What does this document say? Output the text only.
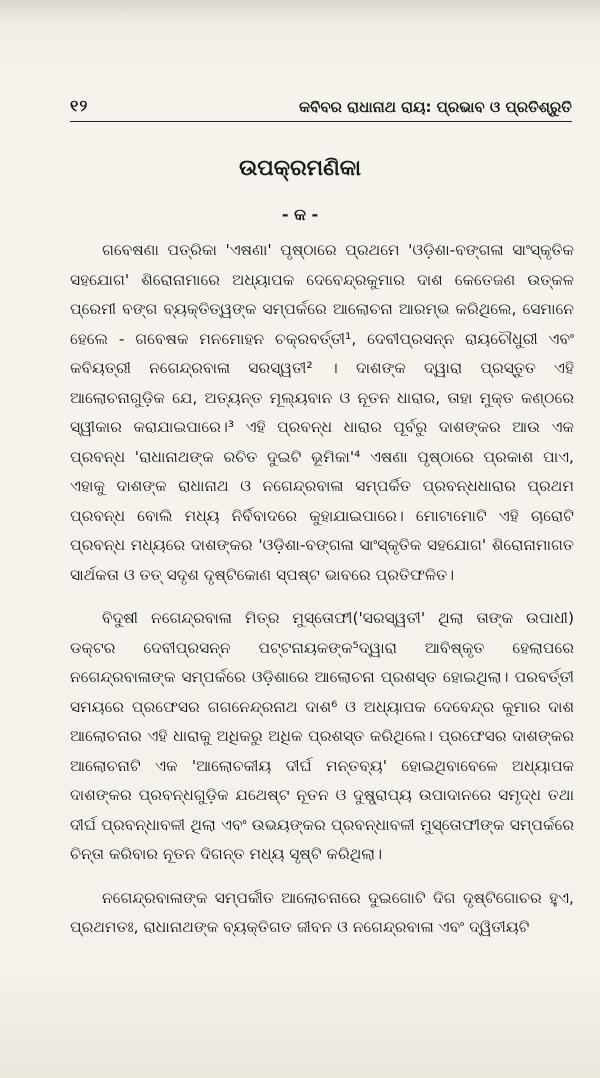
୧୨	କବିବର ରାଧାନାଥ ରାୟ: ପ୍ରଭାବ ଓ ପ୍ରତିଶ୍ରୁତି
ଉପକ୍ରମଣିକା
- କ -

ଗବେଷଣା ପତ୍ରିକା 'ଏଷଣା' ପୃଷ୍ଠାରେ ପ୍ରଥମେ 'ଓଡ଼ିଶା-ବଙ୍ଗଳା ସାଂସ୍କୃତିକ ସହଯୋଗ' ଶିରୋନାମାରେ ଅଧ୍ୟାପକ ଦେବେନ୍ଦ୍ରକୁମାର ଦାଶ କେତେଜଣ ଉତ୍କଳ ପ୍ରେମୀ ବଙ୍ଗ ବ୍ୟକ୍ତିତ୍ୱଙ୍କ ସମ୍ପର୍କରେ ଆଲୋଚନା ଆରମ୍ଭ କରିଥିଲେ, ସେମାନେ ହେଲେ - ଗବେଷକ ମନମୋହନ ଚକ୍ରବର୍ତ୍ତୀ¹, ଦେବୀପ୍ରସନ୍ନ ରାୟଚୌଧୁରୀ ଏବଂ କବିୟତ୍ରୀ ନଗେନ୍ଦ୍ରବାଳା ସରସ୍ୱତୀ² । ଦାଶଙ୍କ ଦ୍ୱାରା ପ୍ରସ୍ତୁତ ଏହି ଆଲୋଚନାଗୁଡ଼ିକ ଯେ, ଅତ୍ୟନ୍ତ ମୂଲ୍ୟବାନ ଓ ନୂତନ ଧାରାର, ତାହା ମୁକ୍ତ କଣ୍ଠରେ ସ୍ୱୀକାର କରାଯାଇପାରେ।³ ଏହି ପ୍ରବନ୍ଧ ଧାରାର ପୂର୍ବରୁ ଦାଶଙ୍କର ଆଉ ଏକ ପ୍ରବନ୍ଧ 'ରାଧାନାଥଙ୍କ ରଚିତ ଦୁଇଟି ଭୂମିକା'⁴ ଏଷଣା ପୃଷ୍ଠାରେ ପ୍ରକାଶ ପାଏ, ଏହାକୁ ଦାଶଙ୍କ ରାଧାନାଥ ଓ ନଗେନ୍ଦ୍ରବାଳା ସମ୍ପର୍କିତ ପ୍ରବନ୍ଧଧାରାର ପ୍ରଥମ ପ୍ରବନ୍ଧ ବୋଲି ମଧ୍ୟ ନିର୍ବିବାଦରେ କୁହାଯାଇପାରେ। ମୋଟାମୋଟି ଏହି ଚାରୋଟି ପ୍ରବନ୍ଧ ମଧ୍ୟରେ ଦାଶଙ୍କର 'ଓଡ଼ିଶା-ବଙ୍ଗଳା ସାଂସ୍କୃତିକ ସହଯୋଗ' ଶିରୋନାମାଗତ ସାର୍ଥକତା ଓ ତତ୍ ସଦୃଶ ଦୃଷ୍ଟିକୋଣ ସ୍ପଷ୍ଟ ଭାବରେ ପ୍ରତିଫଳିତ।

ବିଦୁଷୀ ନଗେନ୍ଦ୍ରବାଳା ମିତ୍ର ମୁସ୍ତୋଫୀ('ସରସ୍ୱତୀ' ଥିଲା ତାଙ୍କ ଉପାଧୀ) ଡକ୍ଟର ଦେବୀପ୍ରସନ୍ନ ପଟ୍ଟନାୟକଙ୍କ⁵ଦ୍ୱାରା ଆବିଷ୍କୃତ ହେଲାପରେ ନଗେନ୍ଦ୍ରବାଳାଙ୍କ ସମ୍ପର୍କରେ ଓଡ଼ିଶାରେ ଆଲୋଚନା ପ୍ରଶସ୍ତ ହୋଇଥିଲା। ପରବର୍ତ୍ତୀ ସମୟରେ ପ୍ରଫେସର ଗଗନେନ୍ଦ୍ରନାଥ ଦାଶ⁶ ଓ ଅଧ୍ୟାପକ ଦେବେନ୍ଦ୍ର କୁମାର ଦାଶ ଆଲୋଚନାର ଏହି ଧାରାକୁ ଅଧିକରୁ ଅଧିକ ପ୍ରଶସ୍ତ କରିଥିଲେ। ପ୍ରଫେସର ଦାଶଙ୍କର ଆଲୋଚନାଟି ଏକ 'ଆଲୋଚକୀୟ ଦୀର୍ଘ ମନ୍ତବ୍ୟ' ହୋଇଥିବାବେଳେ ଅଧ୍ୟାପକ ଦାଶଙ୍କର ପ୍ରବନ୍ଧଗୁଡ଼ିକ ଯଥେଷ୍ଟ ନୂତନ ଓ ଦୁଷ୍ପ୍ରାପ୍ୟ ଉପାଦାନରେ ସମୃଦ୍ଧ ତଥା ଦୀର୍ଘ ପ୍ରବନ୍ଧାବଳୀ ଥିଲା ଏବଂ ଉଭୟଙ୍କର ପ୍ରବନ୍ଧାବଳୀ ମୁସ୍ତୋଫୀଙ୍କ ସମ୍ପର୍କରେ ଚିନ୍ତା କରିବାର ନୂତନ ଦିଗନ୍ତ ମଧ୍ୟ ସୃଷ୍ଟି କରିଥିଲା।

ନଗେନ୍ଦ୍ରବାଳାଙ୍କ ସମ୍ପର୍କୀତ ଆଲୋଚନାରେ ଦୁଇଗୋଟି ଦିଗ ଦୃଷ୍ଟିଗୋଚର ହୁଏ, ପ୍ରଥମତଃ, ରାଧାନାଥଙ୍କ ବ୍ୟକ୍ତିଗତ ଜୀବନ ଓ ନଗେନ୍ଦ୍ରବାଳା ଏବଂ ଦ୍ୱିତୀୟଟି
